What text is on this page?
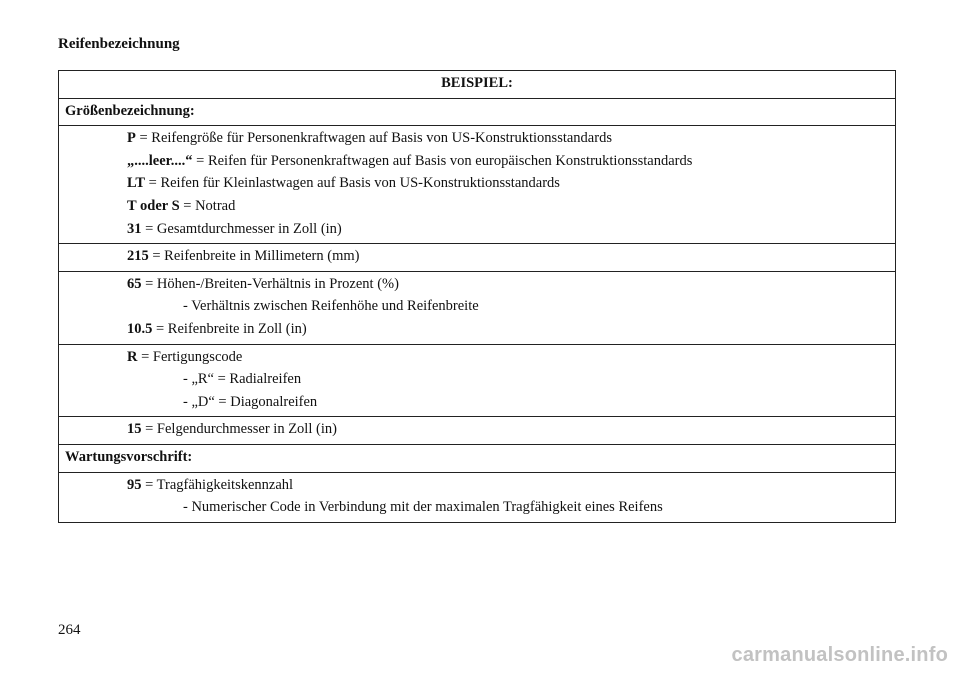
Reifenbezeichnung
BEISPIEL:
Größenbezeichnung:

P = Reifengröße für Personenkraftwagen auf Basis von US-Konstruktionsstandards
„....leer....“ = Reifen für Personenkraftwagen auf Basis von europäischen Konstruktionsstandards
LT = Reifen für Kleinlastwagen auf Basis von US-Konstruktionsstandards
T oder S = Notrad
31 = Gesamtdurchmesser in Zoll (in)

215 = Reifenbreite in Millimetern (mm)

65 = Höhen-/Breiten-Verhältnis in Prozent (%)
- Verhältnis zwischen Reifenhöhe und Reifenbreite
10.5 = Reifenbreite in Zoll (in)

R = Fertigungscode
- „R“ = Radialreifen
- „D“ = Diagonalreifen

15 = Felgendurchmesser in Zoll (in)

Wartungsvorschrift:

95 = Tragfähigkeitskennzahl
- Numerischer Code in Verbindung mit der maximalen Tragfähigkeit eines Reifens
264
carmanualsonline.info
